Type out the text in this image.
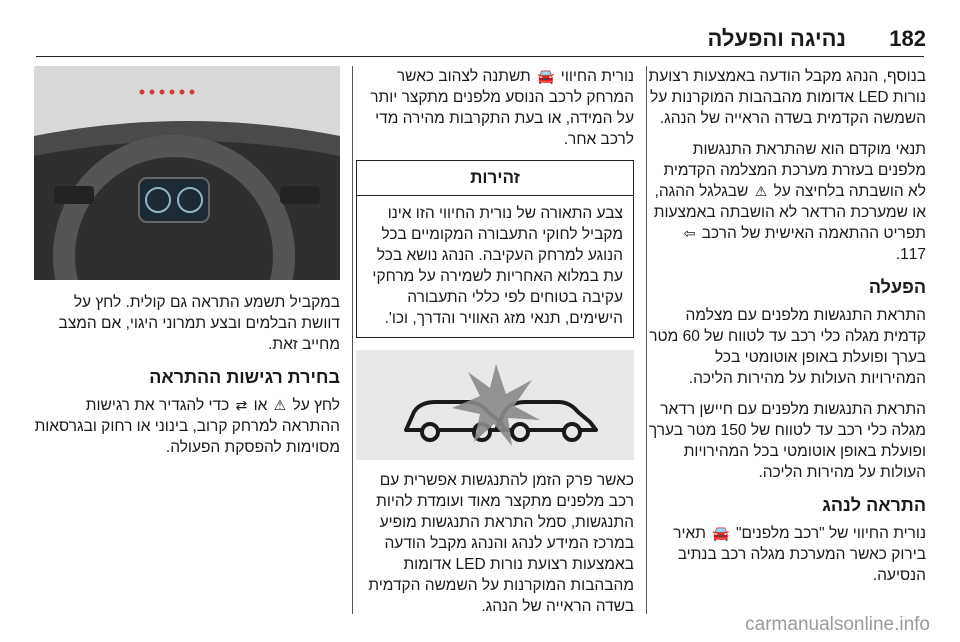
182
נהיגה והפעלה

בנוסף, הנהג מקבל הודעה באמצעות רצועת נורות LED אדומות מהבהבות המוקרנות על השמשה הקדמית בשדה הראייה של הנהג.

תנאי מוקדם הוא שהתראת התנגשות מלפנים בעזרת מערכת המצלמה הקדמית לא הושבתה בלחיצה על ⚠ שבגלגל ההגה, או שמערכת הרדאר לא הושבתה באמצעות תפריט ההתאמה האישית של הרכב ⇦ 117.

הפעלה

התראת התנגשות מלפנים עם מצלמה קדמית מגלה כלי רכב עד לטווח של 60 מטר בערך ופועלת באופן אוטומטי בכל המהירויות העולות על מהירות הליכה.

התראת התנגשות מלפנים עם חיישן רדאר מגלה כלי רכב עד לטווח של 150 מטר בערך ופועלת באופן אוטומטי בכל המהירויות העולות על מהירות הליכה.

התראה לנהג

נורית החיווי של "רכב מלפנים" 🚘 תאיר בירוק כאשר המערכת מגלה רכב בנתיב הנסיעה.

נורית החיווי 🚘 תשתנה לצהוב כאשר המרחק לרכב הנוסע מלפנים מתקצר יותר על המידה, או בעת התקרבות מהירה מדי לרכב אחר.

זהירות
צבע התאורה של נורית החיווי הזו אינו מקביל לחוקי התעבורה המקומיים בכל הנוגע למרחק העקיבה. הנהג נושא בכל עת במלוא האחריות לשמירה על מרחקי עקיבה בטוחים לפי כללי התעבורה הישימים, תנאי מזג האוויר והדרך, וכו'.

כאשר פרק הזמן להתנגשות אפשרית עם רכב מלפנים מתקצר מאוד ועומדת להיות התנגשות, סמל התראת התנגשות מופיע במרכז המידע לנהג והנהג מקבל הודעה באמצעות רצועת נורות LED אדומות מהבהבות המוקרנות על השמשה הקדמית בשדה הראייה של הנהג.

במקביל תשמע התראה גם קולית. לחץ על דוושת הבלמים ובצע תמרוני היגוי, אם המצב מחייב זאת.

בחירת רגישות ההתראה

לחץ על ⚠ או ⇄ כדי להגדיר את רגישות ההתראה למרחק קרוב, בינוני או רחוק ובגרסאות מסוימות להפסקת הפעולה.

carmanualsonline.info
